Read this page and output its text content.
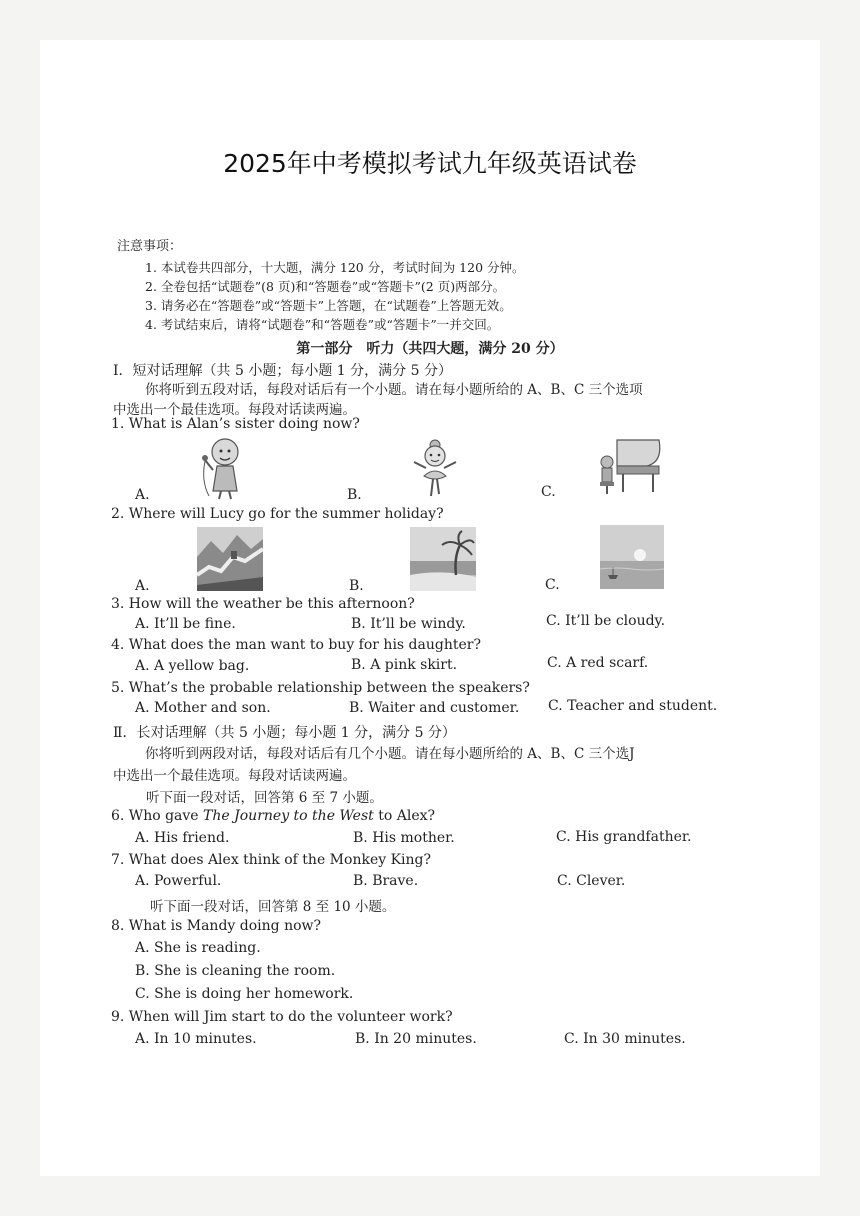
2025年中考模拟考试九年级英语试卷
注意事项：
1. 本试卷共四部分，十大题，满分 120 分，考试时间为 120 分钟。
2. 全卷包括“试题卷”(8 页)和“答题卷”或“答题卡”(2 页)两部分。
3. 请务必在“答题卷”或“答题卡”上答题，在“试题卷”上答题无效。
4. 考试结束后，请将“试题卷”和“答题卷”或“答题卡”一并交回。
第一部分　听力（共四大题，满分 20 分）
Ⅰ．短对话理解（共 5 小题；每小题 1 分，满分 5 分）
你将听到五段对话，每段对话后有一个小题。请在每小题所给的 A、B、C 三个选项
中选出一个最佳选项。每段对话读两遍。
1. What is Alan’s sister doing now?
A.	B.	C.
2. Where will Lucy go for the summer holiday?
A.	B.	C.
3. How will the weather be this afternoon?
A. It’ll be fine.	B. It’ll be windy.	C. It’ll be cloudy.
4. What does the man want to buy for his daughter?
A. A yellow bag.	B. A pink skirt.	C. A red scarf.
5. What’s the probable relationship between the speakers?
A. Mother and son.	B. Waiter and customer. C. Teacher and student.
Ⅱ．长对话理解（共 5 小题；每小题 1 分，满分 5 分）
你将听到两段对话，每段对话后有几个小题。请在每小题所给的 A、B、C 三个选J
中选出一个最佳选项。每段对话读两遍。
听下面一段对话，回答第 6 至 7 小题。
6. Who gave The Journey to the West to Alex?
A. His friend.	B. His mother.	C. His grandfather.
7. What does Alex think of the Monkey King?
A. Powerful.	B. Brave.	C. Clever.
听下面一段对话，回答第 8 至 10 小题。
8. What is Mandy doing now?
A. She is reading.
B. She is cleaning the room.
C. She is doing her homework.
9. When will Jim start to do the volunteer work?
A. In 10 minutes.	B. In 20 minutes.	C. In 30 minutes.
